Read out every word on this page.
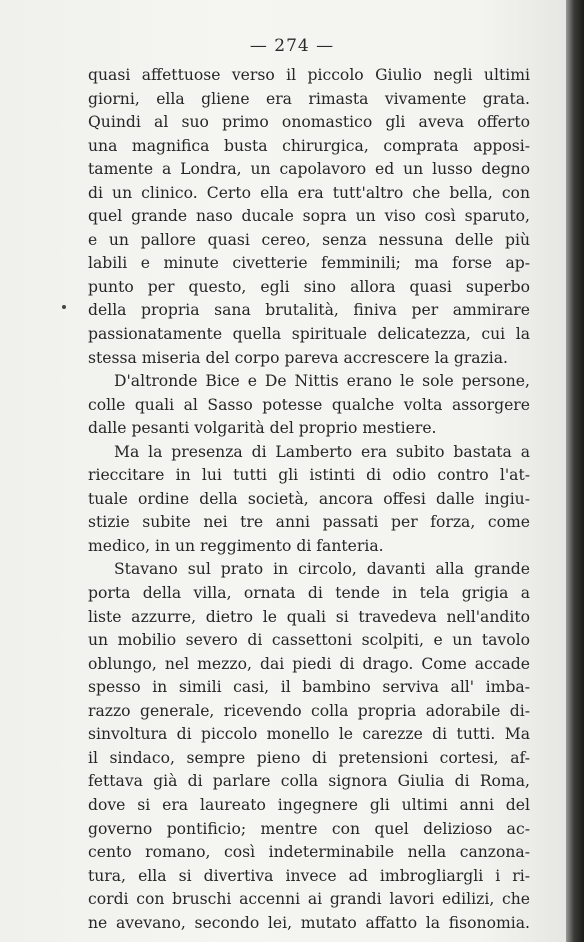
— 274 —
quasi affettuose verso il piccolo Giulio negli ultimi
giorni, ella gliene era rimasta vivamente grata.
Quindi al suo primo onomastico gli aveva offerto
una magnifica busta chirurgica, comprata apposi-
tamente a Londra, un capolavoro ed un lusso degno
di un clinico. Certo ella era tutt'altro che bella, con
quel grande naso ducale sopra un viso così sparuto,
e un pallore quasi cereo, senza nessuna delle più
labili e minute civetterie femminili; ma forse ap-
punto per questo, egli sino allora quasi superbo
della propria sana brutalità, finiva per ammirare
passionatamente quella spirituale delicatezza, cui la
stessa miseria del corpo pareva accrescere la grazia.
D'altronde Bice e De Nittis erano le sole persone,
colle quali al Sasso potesse qualche volta assorgere
dalle pesanti volgarità del proprio mestiere.
Ma la presenza di Lamberto era subito bastata a
rieccitare in lui tutti gli istinti di odio contro l'at-
tuale ordine della società, ancora offesi dalle ingiu-
stizie subite nei tre anni passati per forza, come
medico, in un reggimento di fanteria.
Stavano sul prato in circolo, davanti alla grande
porta della villa, ornata di tende in tela grigia a
liste azzurre, dietro le quali si travedeva nell'andito
un mobilio severo di cassettoni scolpiti, e un tavolo
oblungo, nel mezzo, dai piedi di drago. Come accade
spesso in simili casi, il bambino serviva all' imba-
razzo generale, ricevendo colla propria adorabile di-
sinvoltura di piccolo monello le carezze di tutti. Ma
il sindaco, sempre pieno di pretensioni cortesi, af-
fettava già di parlare colla signora Giulia di Roma,
dove si era laureato ingegnere gli ultimi anni del
governo pontificio; mentre con quel delizioso ac-
cento romano, così indeterminabile nella canzona-
tura, ella si divertiva invece ad imbrogliargli i ri-
cordi con bruschi accenni ai grandi lavori edilizi, che
ne avevano, secondo lei, mutato affatto la fisonomia.
